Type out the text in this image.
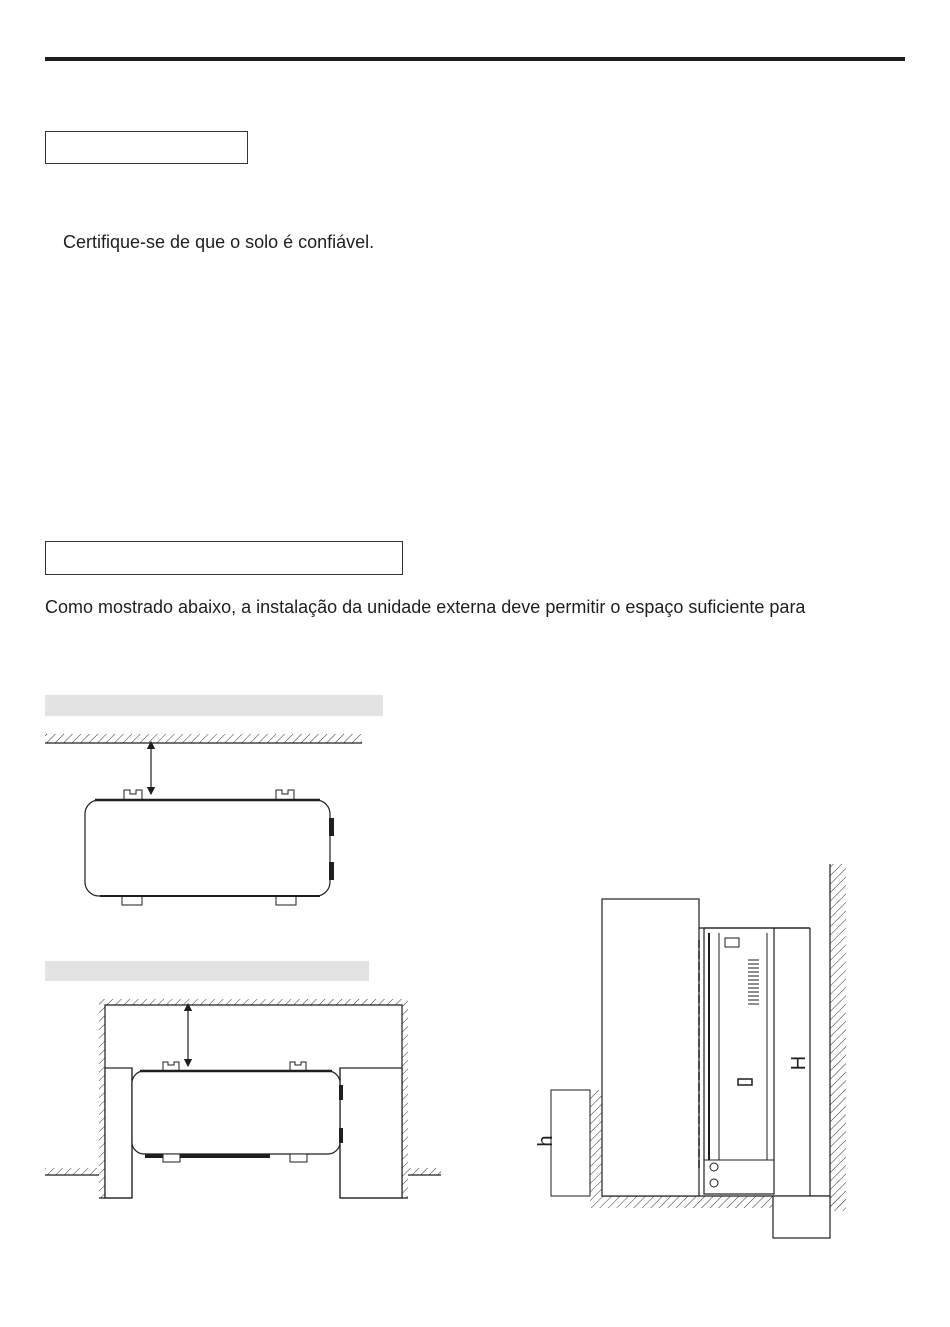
Certifique-se de que o solo é confiável.
Como mostrado abaixo, a instalação da unidade externa deve permitir o espaço suficiente para
h
H
